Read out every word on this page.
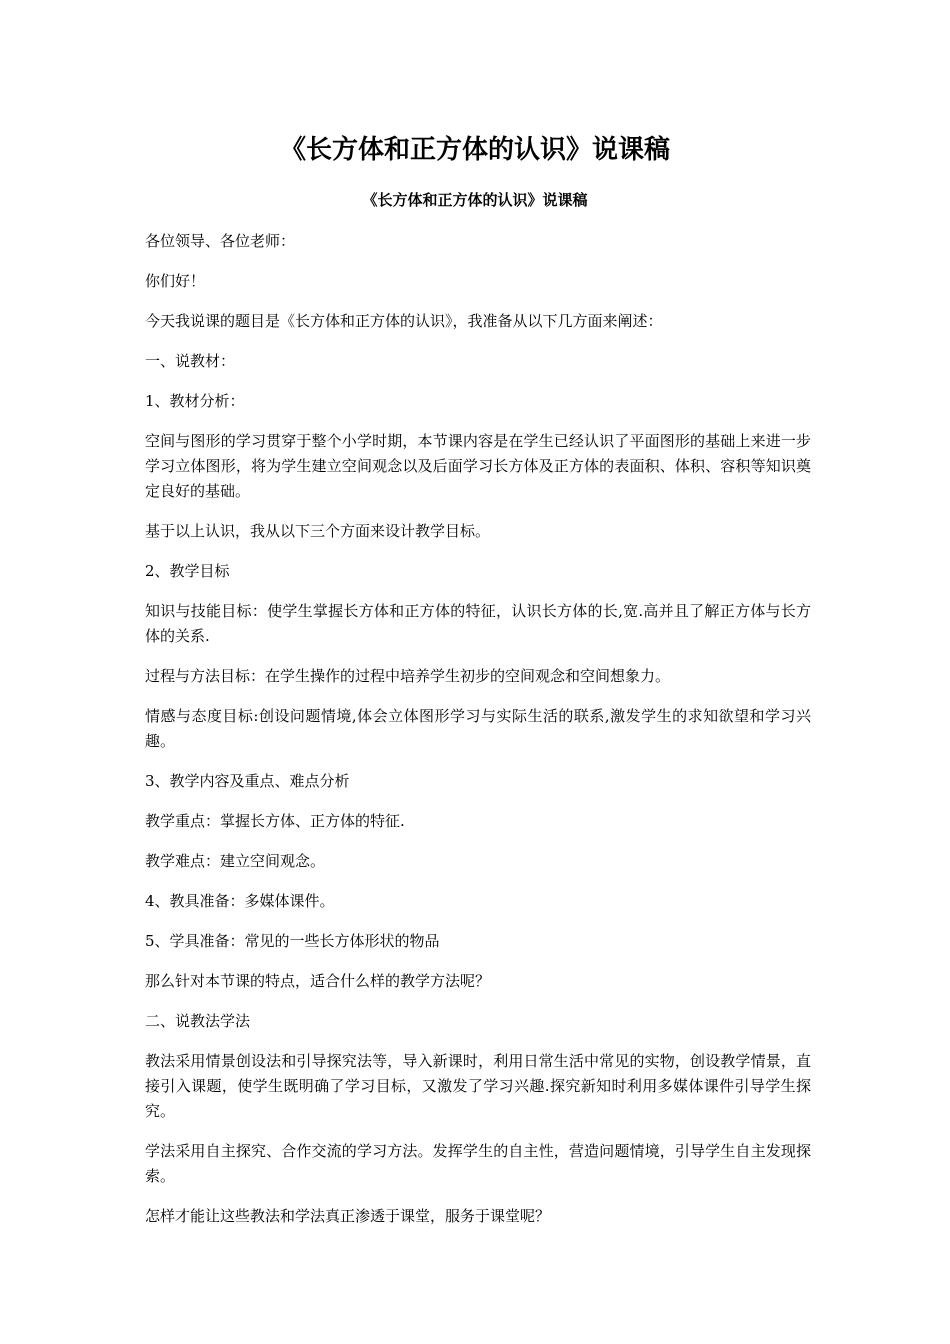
《长方体和正方体的认识》说课稿
《长方体和正方体的认识》说课稿

各位领导、各位老师：

你们好！

今天我说课的题目是《长方体和正方体的认识》，我准备从以下几方面来阐述：

一、说教材：

1、教材分析：

空间与图形的学习贯穿于整个小学时期，本节课内容是在学生已经认识了平面图形的基础上来进一步学习立体图形，将为学生建立空间观念以及后面学习长方体及正方体的表面积、体积、容积等知识奠定良好的基础。

基于以上认识，我从以下三个方面来设计教学目标。

2、教学目标

知识与技能目标：使学生掌握长方体和正方体的特征，认识长方体的长,宽.高并且了解正方体与长方体的关系.

过程与方法目标：在学生操作的过程中培养学生初步的空间观念和空间想象力。

情感与态度目标:创设问题情境,体会立体图形学习与实际生活的联系,激发学生的求知欲望和学习兴趣。

3、教学内容及重点、难点分析

教学重点：掌握长方体、正方体的特征.

教学难点：建立空间观念。

4、教具准备：多媒体课件。

5、学具准备：常见的一些长方体形状的物品

那么针对本节课的特点，适合什么样的教学方法呢？

二、说教法学法

教法采用情景创设法和引导探究法等，导入新课时，利用日常生活中常见的实物，创设教学情景，直接引入课题，使学生既明确了学习目标，又激发了学习兴趣.探究新知时利用多媒体课件引导学生探究。

学法采用自主探究、合作交流的学习方法。发挥学生的自主性，营造问题情境，引导学生自主发现探索。

怎样才能让这些教法和学法真正渗透于课堂，服务于课堂呢？
